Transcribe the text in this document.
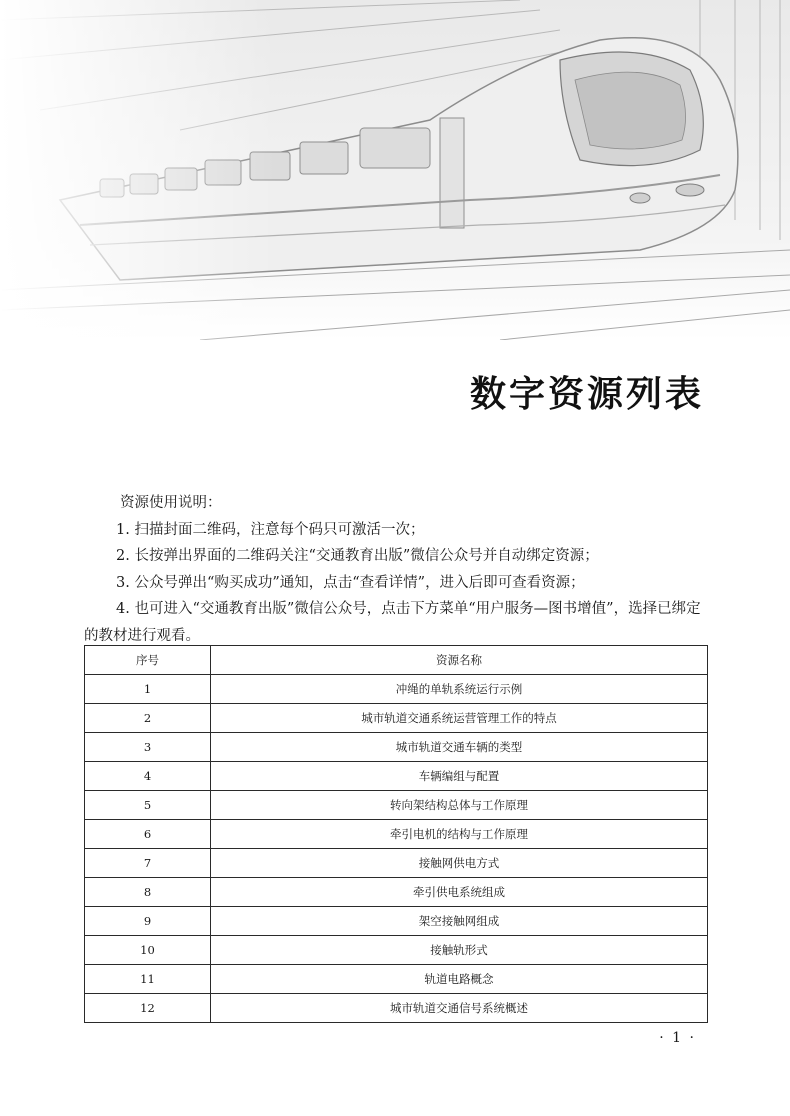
数字资源列表

资源使用说明：

1. 扫描封面二维码，注意每个码只可激活一次；

2. 长按弹出界面的二维码关注“交通教育出版”微信公众号并自动绑定资源；

3. 公众号弹出“购买成功”通知，点击“查看详情”，进入后即可查看资源；

4. 也可进入“交通教育出版”微信公众号，点击下方菜单“用户服务—图书增值”，选择已绑定的教材进行观看。

序号	资源名称
1	冲绳的单轨系统运行示例
2	城市轨道交通系统运营管理工作的特点
3	城市轨道交通车辆的类型
4	车辆编组与配置
5	转向架结构总体与工作原理
6	牵引电机的结构与工作原理
7	接触网供电方式
8	牵引供电系统组成
9	架空接触网组成
10	接触轨形式
11	轨道电路概念
12	城市轨道交通信号系统概述
· 1 ·
